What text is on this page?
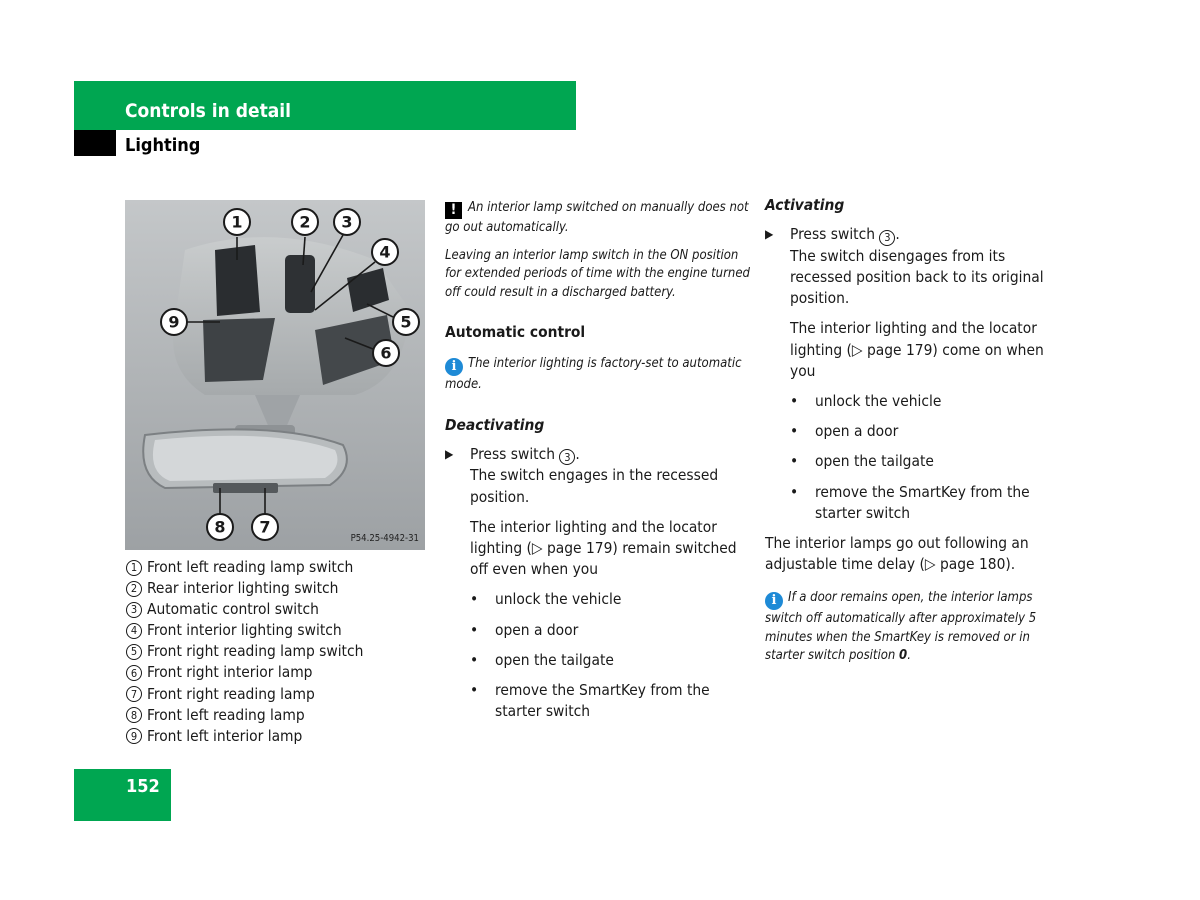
Controls in detail
Lighting
1	2 3
4
5
6
7
8
9
P54.25-4942-31
1 Front left reading lamp switch
2 Rear interior lighting switch
3 Automatic control switch
4 Front interior lighting switch
5 Front right reading lamp switch
6 Front right interior lamp
7 Front right reading lamp
8 Front left reading lamp
9 Front left interior lamp

! An interior lamp switched on manually does not go out automatically.

Leaving an interior lamp switch in the ON position for extended periods of time with the engine turned off could result in a discharged battery.

Automatic control

i The interior lighting is factory-set to automatic mode.

Deactivating

▶ Press switch 3 .

The switch engages in the recessed position.

The interior lighting and the locator lighting (▷ page 179) remain switched off even when you

• unlock the vehicle
• open a door
• open the tailgate
• remove the SmartKey from the starter switch

Activating

▶ Press switch 3 .

The switch disengages from its recessed position back to its original position.

The interior lighting and the locator lighting (▷ page 179) come on when you

• unlock the vehicle
• open a door
• open the tailgate
• remove the SmartKey from the starter switch

The interior lamps go out following an adjustable time delay (▷ page 180).

i If a door remains open, the interior lamps switch off automatically after approximately 5 minutes when the SmartKey is removed or in starter switch position 0.

152
